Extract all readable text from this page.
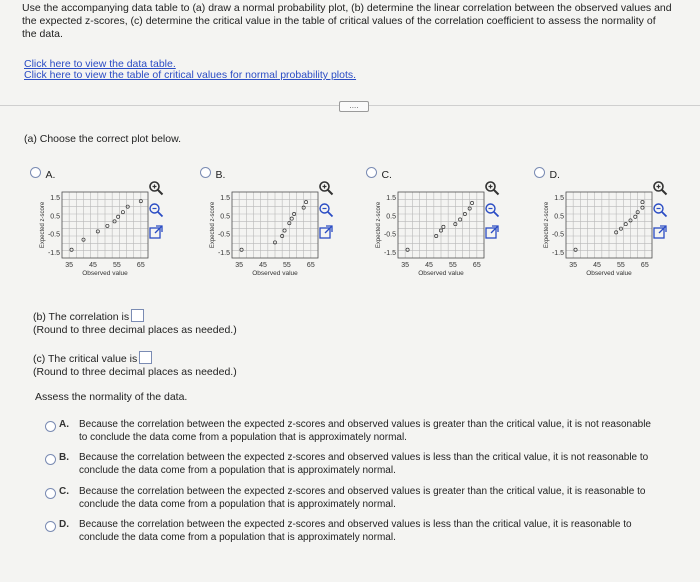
Use the accompanying data table to (a) draw a normal probability plot, (b) determine the linear correlation between the observed values and
the expected z-scores, (c) determine the critical value in the table of critical values of the correlation coefficient to assess the normality of
the data.
Click here to view the data table.
Click here to view the table of critical values for normal probability plots.
....
(a) Choose the correct plot below.
A.
1.5
0.5
-0.5
-1.5
35 45 55 65
Observed value
Expected z-score
B.
1.5
0.5
-0.5
-1.5
35 45 55 65
Observed value
Expected z-score
C.
1.5
0.5
-0.5
-1.5
35 45 55 65
Observed value
Expected z-score
D.
1.5
0.5
-0.5
-1.5
35 45 55 65
Observed value
Expected z-score
(b) The correlation is
(Round to three decimal places as needed.)
(c) The critical value is
(Round to three decimal places as needed.)
Assess the normality of the data.
A. Because the correlation between the expected z-scores and observed values is greater than the critical value, it is not reasonable
to conclude the data come from a population that is approximately normal.
B. Because the correlation between the expected z-scores and observed values is less than the critical value, it is not reasonable to
conclude the data come from a population that is approximately normal.
C. Because the correlation between the expected z-scores and observed values is greater than the critical value, it is reasonable to
conclude the data come from a population that is approximately normal.
D. Because the correlation between the expected z-scores and observed values is less than the critical value, it is reasonable to
conclude the data come from a population that is approximately normal.
